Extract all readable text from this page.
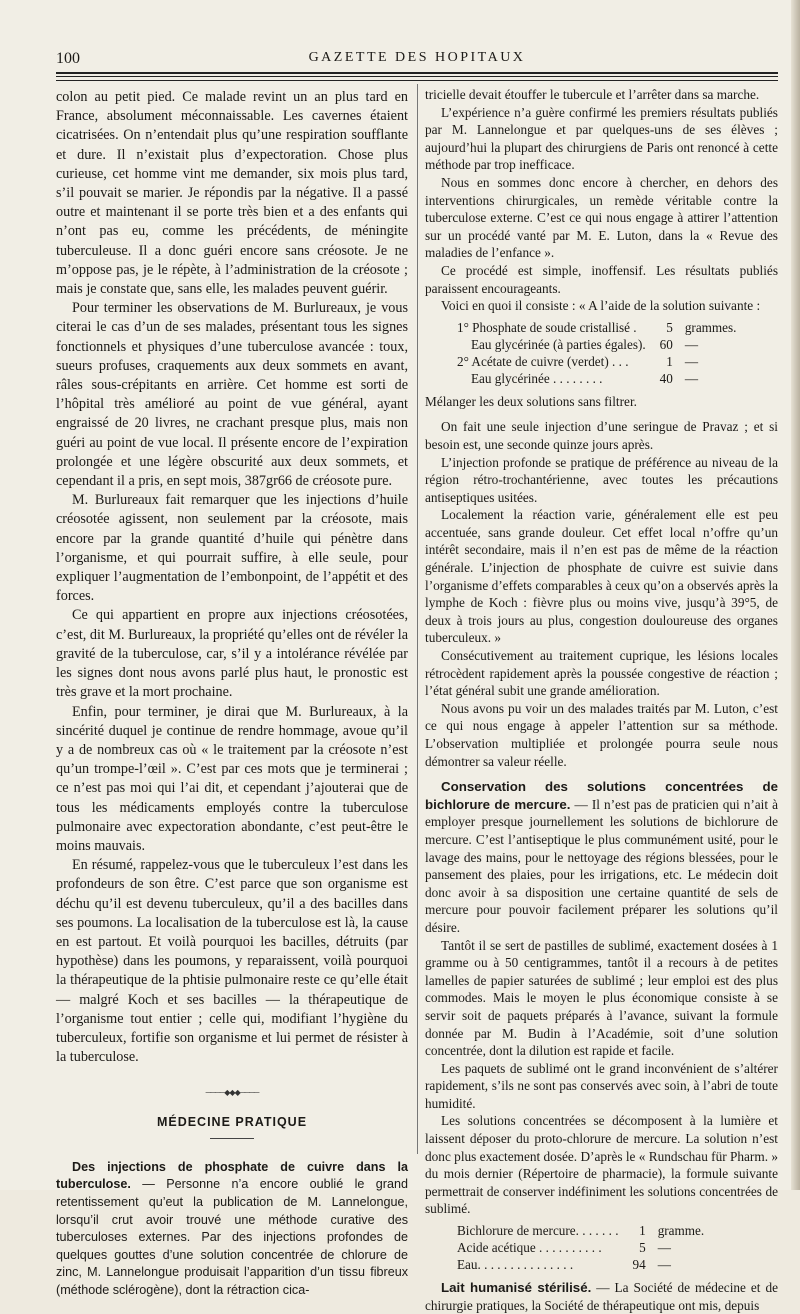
100	GAZETTE DES HOPITAUX

colon au petit pied. Ce malade revint un an plus tard en France, absolument méconnaissable. Les cavernes étaient cicatrisées. On n’entendait plus qu’une respiration soufflante et dure. Il n’existait plus d’expectoration. Chose plus curieuse, cet homme vint me demander, six mois plus tard, s’il pouvait se marier. Je répondis par la négative. Il a passé outre et maintenant il se porte très bien et a des enfants qui n’ont pas eu, comme les précédents, de méningite tuberculeuse. Il a donc guéri encore sans créosote. Je ne m’oppose pas, je le répète, à l’administration de la créosote ; mais je constate que, sans elle, les malades peuvent guérir.

Pour terminer les observations de M. Burlureaux, je vous citerai le cas d’un de ses malades, présentant tous les signes fonctionnels et physiques d’une tuberculose avancée : toux, sueurs profuses, craquements aux deux sommets en avant, râles sous-crépitants en arrière. Cet homme est sorti de l’hôpital très amélioré au point de vue général, ayant engraissé de 20 livres, ne crachant presque plus, mais non guéri au point de vue local. Il présente encore de l’expiration prolongée et une légère obscurité aux deux sommets, et cependant il a pris, en sept mois, 387gr66 de créosote pure.

M. Burlureaux fait remarquer que les injections d’huile créosotée agissent, non seulement par la créosote, mais encore par la grande quantité d’huile qui pénètre dans l’organisme, et qui pourrait suffire, à elle seule, pour expliquer l’augmentation de l’embonpoint, de l’appétit et des forces.

Ce qui appartient en propre aux injections créosotées, c’est, dit M. Burlureaux, la propriété qu’elles ont de révéler la gravité de la tuberculose, car, s’il y a intolérance révélée par les signes dont nous avons parlé plus haut, le pronostic est très grave et la mort prochaine.

Enfin, pour terminer, je dirai que M. Burlureaux, à la sincérité duquel je continue de rendre hommage, avoue qu’il y a de nombreux cas où « le traitement par la créosote n’est qu’un trompe-l’œil ». C’est par ces mots que je terminerai ; ce n’est pas moi qui l’ai dit, et cependant j’ajouterai que de tous les médicaments employés contre la tuberculose pulmonaire avec expectoration abondante, c’est peut-être le moins mauvais.

En résumé, rappelez-vous que le tuberculeux l’est dans les profondeurs de son être. C’est parce que son organisme est déchu qu’il est devenu tuberculeux, qu’il a des bacilles dans ses poumons. La localisation de la tuberculose est là, la cause en est partout. Et voilà pourquoi les bacilles, détruits (par hypothèse) dans les poumons, y reparaissent, voilà pourquoi la thérapeutique de la phtisie pulmonaire reste ce qu’elle était — malgré Koch et ses bacilles — la thérapeutique de l’organisme tout entier ; celle qui, modifiant l’hygiène du tuberculeux, fortifie son organisme et lui permet de résister à la tuberculose.

────◆◆◆────
MÉDECINE PRATIQUE

Des injections de phosphate de cuivre dans la tuberculose. — Personne n’a encore oublié le grand retentissement qu’eut la publication de M. Lannelongue, lorsqu’il crut avoir trouvé une méthode curative des tuberculoses externes. Par des injections profondes de quelques gouttes d’une solution concentrée de chlorure de zinc, M. Lannelongue produisait l’apparition d’un tissu fibreux (méthode sclérogène), dont la rétraction cica-

tricielle devait étouffer le tubercule et l’arrêter dans sa marche.

L’expérience n’a guère confirmé les premiers résultats publiés par M. Lannelongue et par quelques-uns de ses élèves ; aujourd’hui la plupart des chirurgiens de Paris ont renoncé à cette méthode par trop inefficace.

Nous en sommes donc encore à chercher, en dehors des interventions chirurgicales, un remède véritable contre la tuberculose externe. C’est ce qui nous engage à attirer l’attention sur un procédé vanté par M. E. Luton, dans la « Revue des maladies de l’enfance ».

Ce procédé est simple, inoffensif. Les résultats publiés paraissent encourageants.

Voici en quoi il consiste : « A l’aide de la solution suivante :

1° Phosphate de soude cristallisé .	5	grammes.
Eau glycérinée (à parties égales).	60	—
2° Acétate de cuivre (verdet) . . .	1	—
Eau glycérinée . . . . . . . .	40	—

Mélanger les deux solutions sans filtrer.

On fait une seule injection d’une seringue de Pravaz ; et si besoin est, une seconde quinze jours après.

L’injection profonde se pratique de préférence au niveau de la région rétro-trochantérienne, avec toutes les précautions antiseptiques usitées.

Localement la réaction varie, généralement elle est peu accentuée, sans grande douleur. Cet effet local n’offre qu’un intérêt secondaire, mais il n’en est pas de même de la réaction générale. L’injection de phosphate de cuivre est suivie dans l’organisme d’effets comparables à ceux qu’on a observés après la lymphe de Koch : fièvre plus ou moins vive, jusqu’à 39°5, de deux à trois jours au plus, congestion douloureuse des organes tuberculeux. »

Consécutivement au traitement cuprique, les lésions locales rétrocèdent rapidement après la poussée congestive de réaction ; l’état général subit une grande amélioration.

Nous avons pu voir un des malades traités par M. Luton, c’est ce qui nous engage à appeler l’attention sur sa méthode. L’observation multipliée et prolongée pourra seule nous démontrer sa valeur réelle.

Conservation des solutions concentrées de bichlorure de mercure. — Il n’est pas de praticien qui n’ait à employer presque journellement les solutions de bichlorure de mercure. C’est l’antiseptique le plus communément usité, pour le lavage des mains, pour le nettoyage des régions blessées, pour le pansement des plaies, pour les irrigations, etc. Le médecin doit donc avoir à sa disposition une certaine quantité de sels de mercure pour pouvoir facilement préparer les solutions qu’il désire.

Tantôt il se sert de pastilles de sublimé, exactement dosées à 1 gramme ou à 50 centigrammes, tantôt il a recours à de petites lamelles de papier saturées de sublimé ; leur emploi est des plus commodes. Mais le moyen le plus économique consiste à se servir soit de paquets préparés à l’avance, suivant la formule donnée par M. Budin à l’Académie, soit d’une solution concentrée, dont la dilution est rapide et facile.

Les paquets de sublimé ont le grand inconvénient de s’altérer rapidement, s’ils ne sont pas conservés avec soin, à l’abri de toute humidité.

Les solutions concentrées se décomposent à la lumière et laissent déposer du proto-chlorure de mercure. La solution n’est donc plus exactement dosée. D’après le « Rundschau für Pharm. » du mois dernier (Répertoire de pharmacie), la formule suivante permettrait de conserver indéfiniment les solutions concentrées de sublimé.

Bichlorure de mercure. . . . . . .	1	gramme.
Acide acétique . . . . . . . . . .	5	—
Eau. . . . . . . . . . . . . . .	94	—

Lait humanisé stérilisé. — La Société de médecine et de chirurgie pratiques, la Société de thérapeutique ont mis, depuis
